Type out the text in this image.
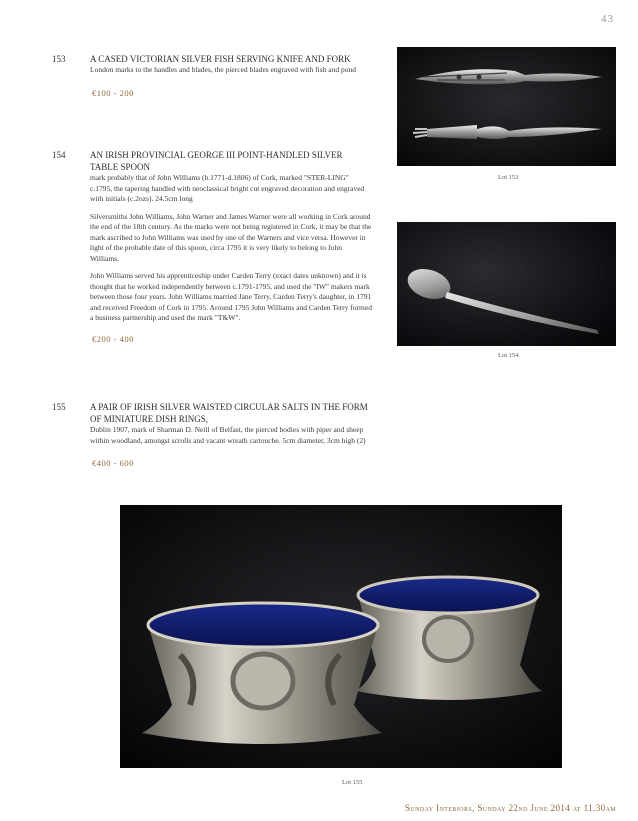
43
153	A CASED VICTORIAN SILVER FISH SERVING KNIFE AND FORK

London marks to the handles and blades, the pierced blades engraved with fish and pond

€100 - 200
154	AN IRISH PROVINCIAL GEORGE III POINT-HANDLED SILVER TABLE SPOON

mark probably that of John Williams (b.1771-d.1806) of Cork, marked "STER-LING" c.1795, the tapering handled with neoclassical bright cut engraved decoration and engraved with initials (c.2ozs). 24.5cm long

Silversmiths John Williams, John Warner and James Warner were all working in Cork around the end of the 18th century. As the marks were not being registered in Cork, it may be that the mark ascribed to John Williams was used by one of the Warners and vice versa. However in light of the probable date of this spoon, circa 1795 it is very likely to belong to John Williams.

John Williams served his apprenticeship under Carden Terry (exact dates unknown) and it is thought that he worked independently between c.1791-1795, and used the "IW" makers mark between those four years. John Williams married Jane Terry, Carden Terry's daughter, in 1791 and received Freedom of Cork in 1795. Around 1795 John Williams and Carden Terry formed a business partnership and used the mark "T&W".

€200 - 400
155	A PAIR OF IRISH SILVER WAISTED CIRCULAR SALTS IN THE FORM OF MINIATURE DISH RINGS,

Dublin 1907, mark of Sharman D. Neill of Belfast, the pierced bodies with piper and sheep within woodland, amongst scrolls and vacant wreath cartouche. 5cm diameter, 3cm high (2)

€400 - 600
Lot 153
Lot 154
Lot 155
Sunday Interiors, Sunday 22nd June 2014 at 11.30am
